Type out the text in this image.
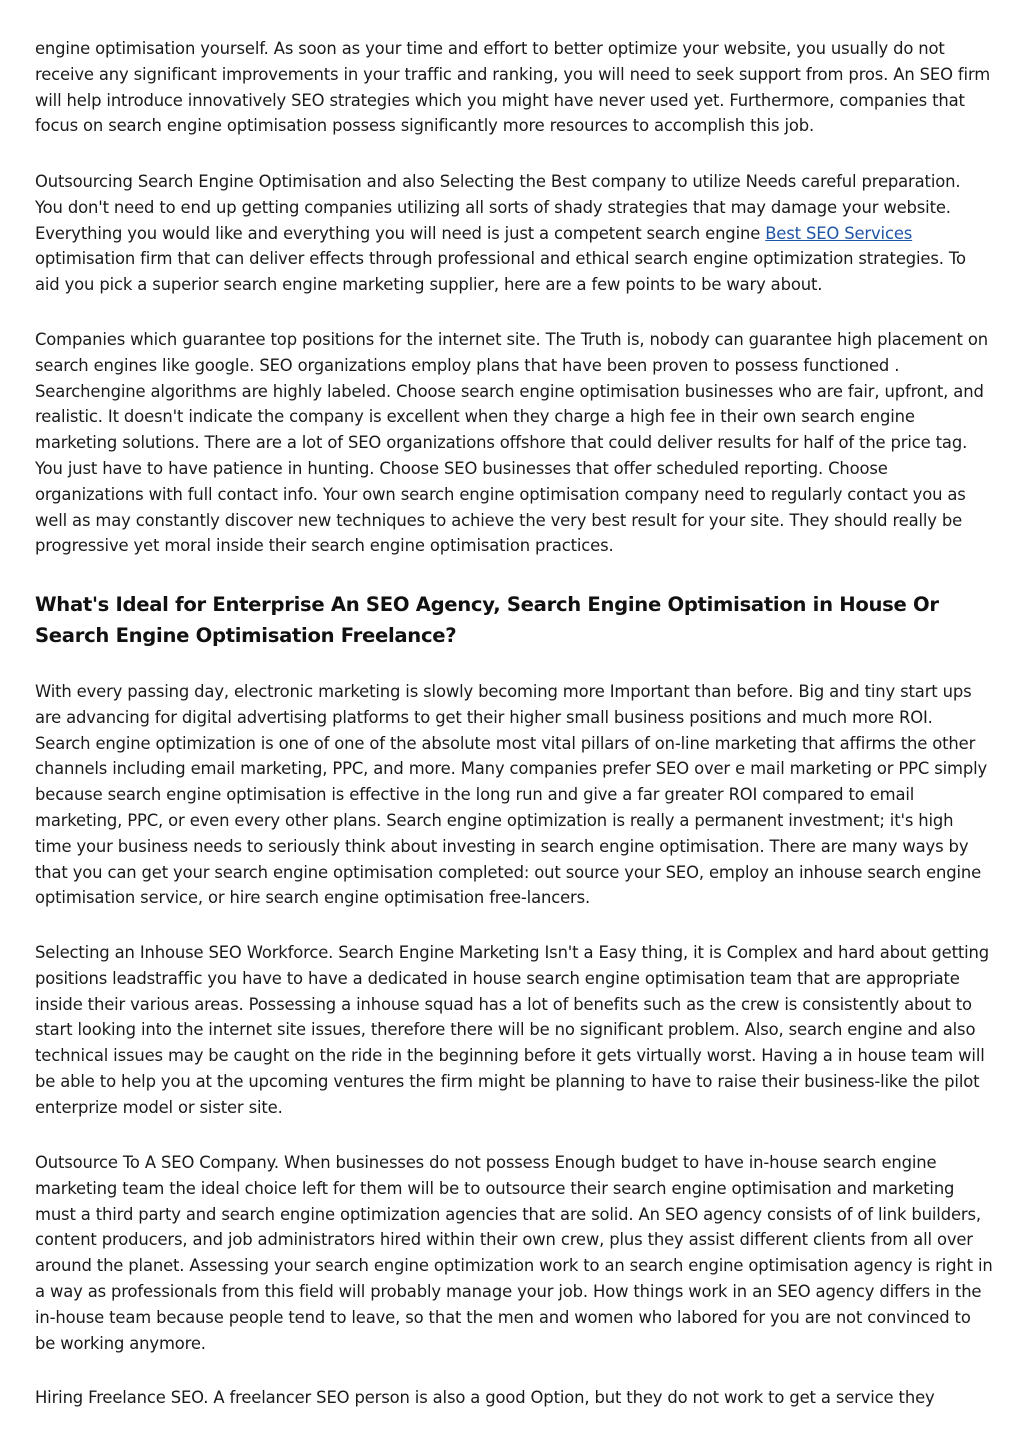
engine optimisation yourself. As soon as your time and effort to better optimize your website, you usually do not receive any significant improvements in your traffic and ranking, you will need to seek support from pros. An SEO firm will help introduce innovatively SEO strategies which you might have never used yet. Furthermore, companies that focus on search engine optimisation possess significantly more resources to accomplish this job.

Outsourcing Search Engine Optimisation and also Selecting the Best company to utilize Needs careful preparation. You don't need to end up getting companies utilizing all sorts of shady strategies that may damage your website. Everything you would like and everything you will need is just a competent search engine Best SEO Services optimisation firm that can deliver effects through professional and ethical search engine optimization strategies. To aid you pick a superior search engine marketing supplier, here are a few points to be wary about.

Companies which guarantee top positions for the internet site. The Truth is, nobody can guarantee high placement on search engines like google. SEO organizations employ plans that have been proven to possess functioned . Searchengine algorithms are highly labeled. Choose search engine optimisation businesses who are fair, upfront, and realistic. It doesn't indicate the company is excellent when they charge a high fee in their own search engine marketing solutions. There are a lot of SEO organizations offshore that could deliver results for half of the price tag. You just have to have patience in hunting. Choose SEO businesses that offer scheduled reporting. Choose organizations with full contact info. Your own search engine optimisation company need to regularly contact you as well as may constantly discover new techniques to achieve the very best result for your site. They should really be progressive yet moral inside their search engine optimisation practices.

What's Ideal for Enterprise An SEO Agency, Search Engine Optimisation in House Or Search Engine Optimisation Freelance?

With every passing day, electronic marketing is slowly becoming more Important than before. Big and tiny start ups are advancing for digital advertising platforms to get their higher small business positions and much more ROI. Search engine optimization is one of one of the absolute most vital pillars of on-line marketing that affirms the other channels including email marketing, PPC, and more. Many companies prefer SEO over e mail marketing or PPC simply because search engine optimisation is effective in the long run and give a far greater ROI compared to email marketing, PPC, or even every other plans. Search engine optimization is really a permanent investment; it's high time your business needs to seriously think about investing in search engine optimisation. There are many ways by that you can get your search engine optimisation completed: out source your SEO, employ an inhouse search engine optimisation service, or hire search engine optimisation free-lancers.

Selecting an Inhouse SEO Workforce. Search Engine Marketing Isn't a Easy thing, it is Complex and hard about getting positions leadstraffic you have to have a dedicated in house search engine optimisation team that are appropriate inside their various areas. Possessing a inhouse squad has a lot of benefits such as the crew is consistently about to start looking into the internet site issues, therefore there will be no significant problem. Also, search engine and also technical issues may be caught on the ride in the beginning before it gets virtually worst. Having a in house team will be able to help you at the upcoming ventures the firm might be planning to have to raise their business-like the pilot enterprize model or sister site.

Outsource To A SEO Company. When businesses do not possess Enough budget to have in-house search engine marketing team the ideal choice left for them will be to outsource their search engine optimisation and marketing must a third party and search engine optimization agencies that are solid. An SEO agency consists of of link builders, content producers, and job administrators hired within their own crew, plus they assist different clients from all over around the planet. Assessing your search engine optimization work to an search engine optimisation agency is right in a way as professionals from this field will probably manage your job. How things work in an SEO agency differs in the in-house team because people tend to leave, so that the men and women who labored for you are not convinced to be working anymore.

Hiring Freelance SEO. A freelancer SEO person is also a good Option, but they do not work to get a service they
